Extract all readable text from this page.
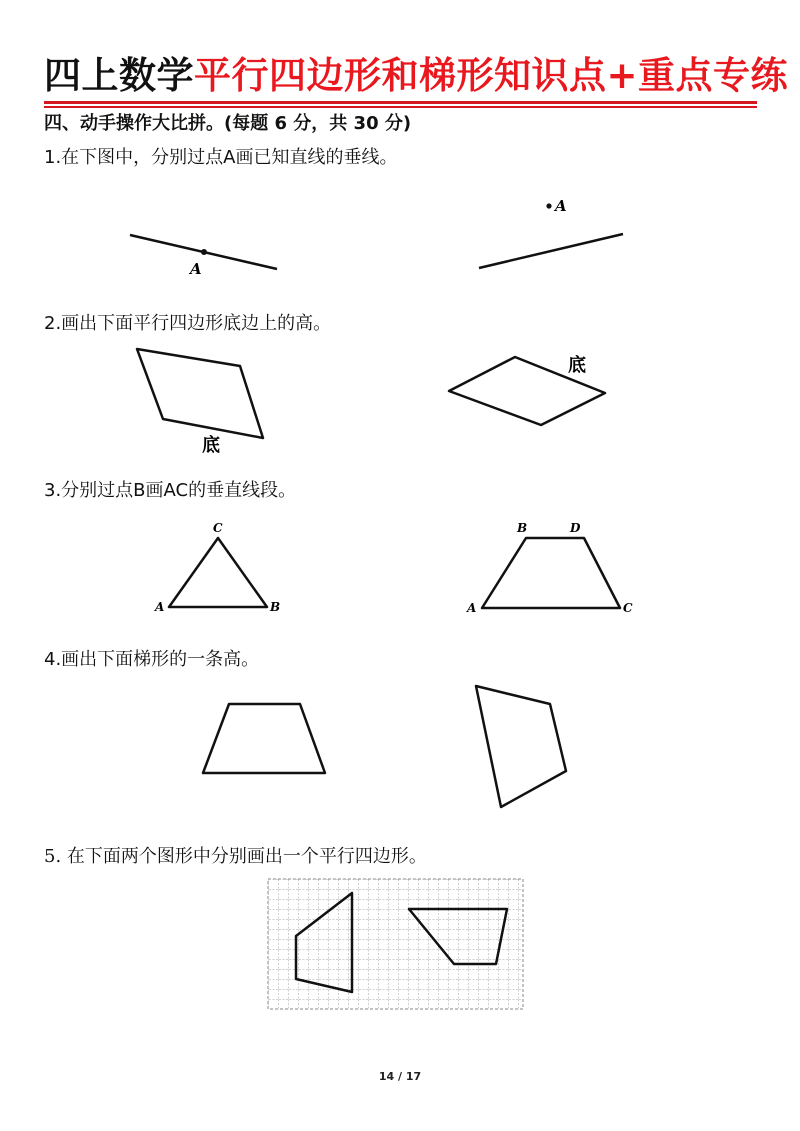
四上数学平行四边形和梯形知识点+重点专练
四、动手操作大比拼。(每题 6 分，共 30 分)
1.在下图中，分别过点A画已知直线的垂线。
2.画出下面平行四边形底边上的高。
3.分别过点B画AC的垂直线段。
4.画出下面梯形的一条高。
5. 在下面两个图形中分别画出一个平行四边形。
A
A
底
底
C
A	B
B	D
A	C
14 / 17
